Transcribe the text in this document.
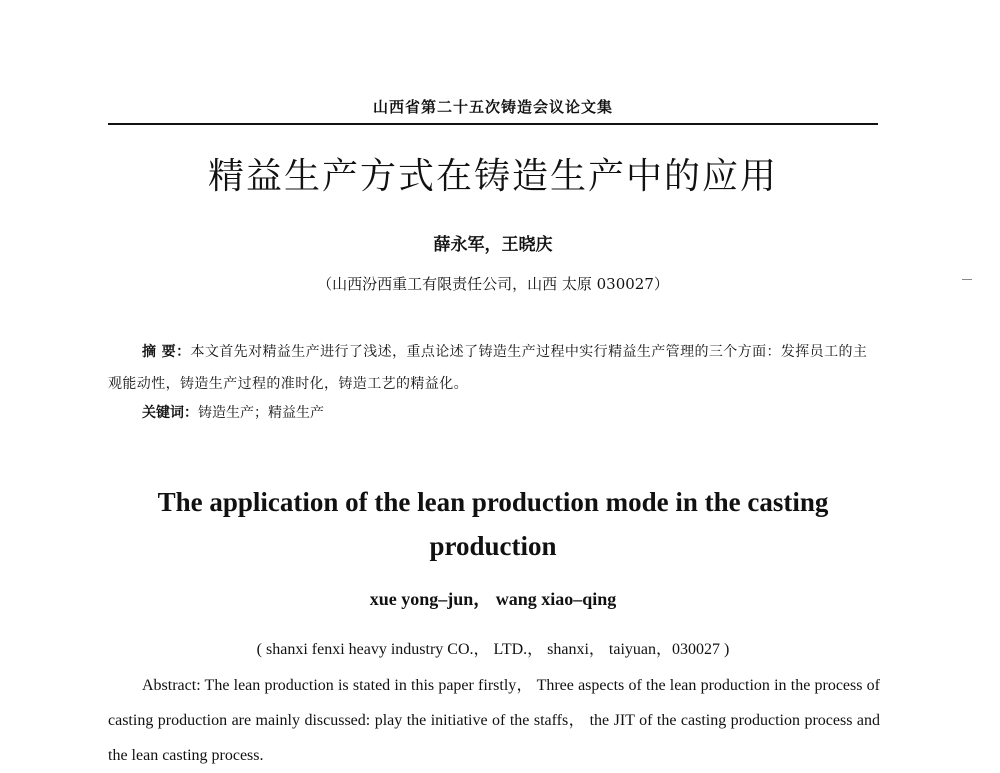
山西省第二十五次铸造会议论文集
精益生产方式在铸造生产中的应用
薛永军，王晓庆
（山西汾西重工有限责任公司，山西 太原 030027）
摘 要：本文首先对精益生产进行了浅述，重点论述了铸造生产过程中实行精益生产管理的三个方面：发挥员工的主观能动性，铸造生产过程的准时化，铸造工艺的精益化。
关键词：铸造生产；精益生产
The application of the lean production mode in the casting production
xue yong–jun， wang xiao–qing
( shanxi fenxi heavy industry CO.， LTD.， shanxi， taiyuan，030027 )
Abstract: The lean production is stated in this paper firstly， Three aspects of the lean production in the process of casting production are mainly discussed: play the initiative of the staffs， the JIT of the casting production process and the lean casting process.
